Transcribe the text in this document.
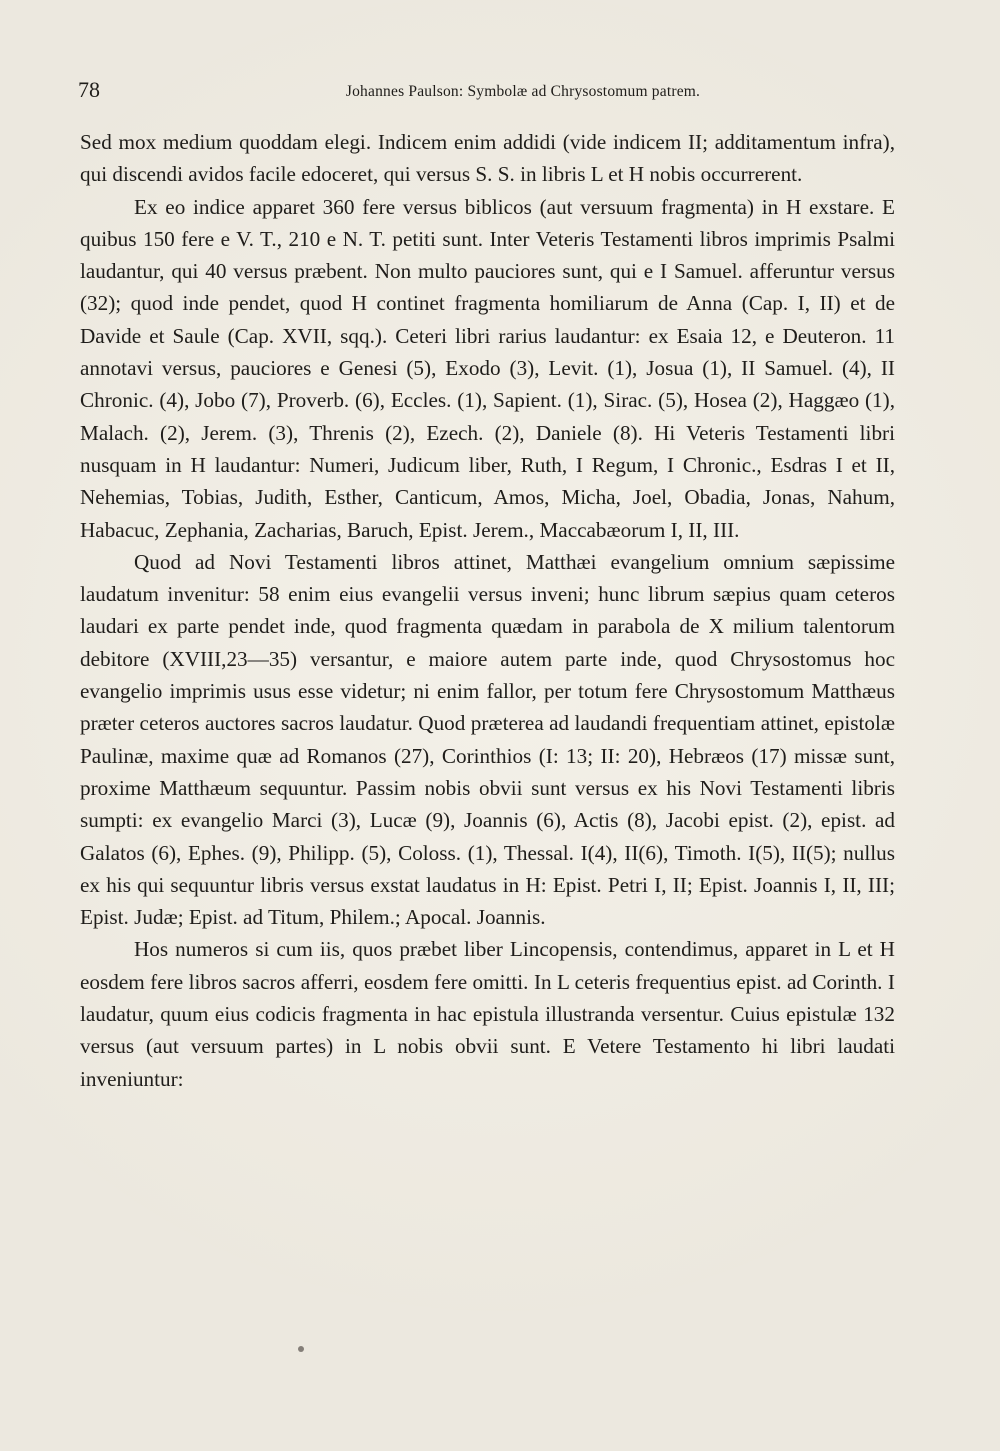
78	Johannes Paulson: Symbolæ ad Chrysostomum patrem.

Sed mox medium quoddam elegi. Indicem enim addidi (vide indicem II; additamentum infra), qui discendi avidos facile edoceret, qui versus S. S. in libris L et H nobis occurrerent.

Ex eo indice apparet 360 fere versus biblicos (aut versuum fragmenta) in H exstare. E quibus 150 fere e V. T., 210 e N. T. petiti sunt. Inter Veteris Testamenti libros imprimis Psalmi laudantur, qui 40 versus præbent. Non multo pauciores sunt, qui e I Samuel. afferuntur versus (32); quod inde pendet, quod H continet fragmenta homiliarum de Anna (Cap. I, II) et de Davide et Saule (Cap. XVII, sqq.). Ceteri libri rarius laudantur: ex Esaia 12, e Deuteron. 11 annotavi versus, pauciores e Genesi (5), Exodo (3), Levit. (1), Josua (1), II Samuel. (4), II Chronic. (4), Jobo (7), Proverb. (6), Eccles. (1), Sapient. (1), Sirac. (5), Hosea (2), Haggæo (1), Malach. (2), Jerem. (3), Threnis (2), Ezech. (2), Daniele (8). Hi Veteris Testamenti libri nusquam in H laudantur: Numeri, Judicum liber, Ruth, I Regum, I Chronic., Esdras I et II, Nehemias, Tobias, Judith, Esther, Canticum, Amos, Micha, Joel, Obadia, Jonas, Nahum, Habacuc, Zephania, Zacharias, Baruch, Epist. Jerem., Maccabæorum I, II, III.

Quod ad Novi Testamenti libros attinet, Matthæi evangelium omnium sæpissime laudatum invenitur: 58 enim eius evangelii versus inveni; hunc librum sæpius quam ceteros laudari ex parte pendet inde, quod fragmenta quædam in parabola de X milium talentorum debitore (XVIII,23—35) versantur, e maiore autem parte inde, quod Chrysostomus hoc evangelio imprimis usus esse videtur; ni enim fallor, per totum fere Chrysostomum Matthæus præter ceteros auctores sacros laudatur. Quod præterea ad laudandi frequentiam attinet, epistolæ Paulinæ, maxime quæ ad Romanos (27), Corinthios (I: 13; II: 20), Hebræos (17) missæ sunt, proxime Matthæum sequuntur. Passim nobis obvii sunt versus ex his Novi Testamenti libris sumpti: ex evangelio Marci (3), Lucæ (9), Joannis (6), Actis (8), Jacobi epist. (2), epist. ad Galatos (6), Ephes. (9), Philipp. (5), Coloss. (1), Thessal. I(4), II(6), Timoth. I(5), II(5); nullus ex his qui sequuntur libris versus exstat laudatus in H: Epist. Petri I, II; Epist. Joannis I, II, III; Epist. Judæ; Epist. ad Titum, Philem.; Apocal. Joannis.

Hos numeros si cum iis, quos præbet liber Lincopensis, contendimus, apparet in L et H eosdem fere libros sacros afferri, eosdem fere omitti. In L ceteris frequentius epist. ad Corinth. I laudatur, quum eius codicis fragmenta in hac epistula illustranda versentur. Cuius epistulæ 132 versus (aut versuum partes) in L nobis obvii sunt. E Vetere Testamento hi libri laudati inveniuntur:
